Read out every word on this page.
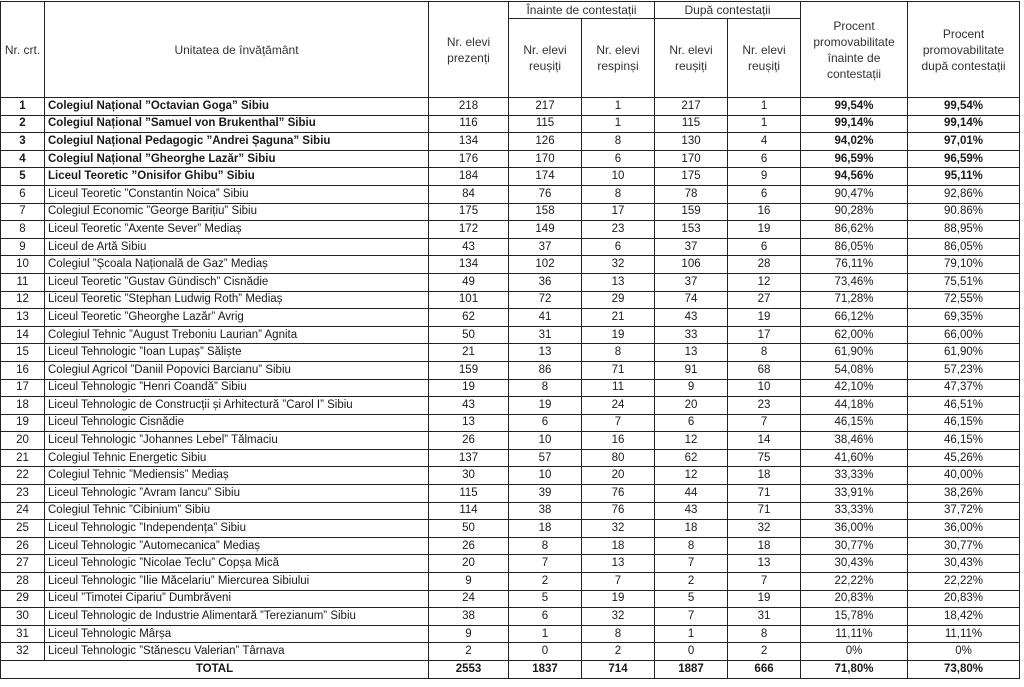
Nr. crt.	Unitatea de învățământ	Nr. elevi prezenți	Înainte de contestații		După contestații		Procent promovabilitate înainte de contestații	Procent promovabilitate după contestații
			Nr. elevi reușiți	Nr. elevi respinși	Nr. elevi reușiți	Nr. elevi reușiți		
1	Colegiul Național ”Octavian Goga” Sibiu	218	217	1	217	1	99,54%	99,54%
2	Colegiul Național ”Samuel von Brukenthal” Sibiu	116	115	1	115	1	99,14%	99,14%
3	Colegiul Național Pedagogic ”Andrei Șaguna” Sibiu	134	126	8	130	4	94,02%	97,01%
4	Colegiul Național ”Gheorghe Lazăr” Sibiu	176	170	6	170	6	96,59%	96,59%
5	Liceul Teoretic ”Onisifor Ghibu” Sibiu	184	174	10	175	9	94,56%	95,11%
6	Liceul Teoretic ”Constantin Noica” Sibiu	84	76	8	78	6	90,47%	92,86%
7	Colegiul Economic ”George Barițiu” Sibiu	175	158	17	159	16	90,28%	90.86%
8	Liceul Teoretic ”Axente Sever” Mediaș	172	149	23	153	19	86,62%	88,95%
9	Liceul de Artă Sibiu	43	37	6	37	6	86,05%	86,05%
10	Colegiul ”Școala Națională de Gaz” Mediaș	134	102	32	106	28	76,11%	79,10%
11	Liceul Teoretic ”Gustav Gündisch” Cisnădie	49	36	13	37	12	73,46%	75,51%
12	Liceul Teoretic ”Stephan Ludwig Roth” Mediaș	101	72	29	74	27	71,28%	72,55%
13	Liceul Teoretic ”Gheorghe Lazăr” Avrig	62	41	21	43	19	66,12%	69,35%
14	Colegiul Tehnic ”August Treboniu Laurian” Agnita	50	31	19	33	17	62,00%	66,00%
15	Liceul Tehnologic ”Ioan Lupaș” Săliște	21	13	8	13	8	61,90%	61,90%
16	Colegiul Agricol ”Daniil Popovici Barcianu” Sibiu	159	86	71	91	68	54,08%	57,23%
17	Liceul Tehnologic ”Henri Coandă” Sibiu	19	8	11	9	10	42,10%	47,37%
18	Liceul Tehnologic de Construcții și Arhitectură ”Carol I” Sibiu	43	19	24	20	23	44,18%	46,51%
19	Liceul Tehnologic Cisnădie	13	6	7	6	7	46,15%	46,15%
20	Liceul Tehnologic ”Johannes Lebel” Tălmaciu	26	10	16	12	14	38,46%	46,15%
21	Colegiul Tehnic Energetic Sibiu	137	57	80	62	75	41,60%	45,26%
22	Colegiul Tehnic ”Mediensis” Mediaș	30	10	20	12	18	33,33%	40,00%
23	Liceul Tehnologic ”Avram Iancu” Sibiu	115	39	76	44	71	33,91%	38,26%
24	Colegiul Tehnic ”Cibinium” Sibiu	114	38	76	43	71	33,33%	37,72%
25	Liceul Tehnologic ”Independența” Sibiu	50	18	32	18	32	36,00%	36,00%
26	Liceul Tehnologic ”Automecanica” Mediaș	26	8	18	8	18	30,77%	30,77%
27	Liceul Tehnologic ”Nicolae Teclu” Copșa Mică	20	7	13	7	13	30,43%	30,43%
28	Liceul Tehnologic ”Ilie Măcelariu” Miercurea Sibiului	9	2	7	2	7	22,22%	22,22%
29	Liceul ”Timotei Cipariu” Dumbrăveni	24	5	19	5	19	20,83%	20,83%
30	Liceul Tehnologic de Industrie Alimentară ”Terezianum” Sibiu	38	6	32	7	31	15,78%	18,42%
31	Liceul Tehnologic Mârșa	9	1	8	1	8	11,11%	11,11%
32	Liceul Tehnologic ”Stănescu Valerian” Târnava	2	0	2	0	2	0%	0%
TOTAL		2553	1837	714	1887	666	71,80%	73,80%
